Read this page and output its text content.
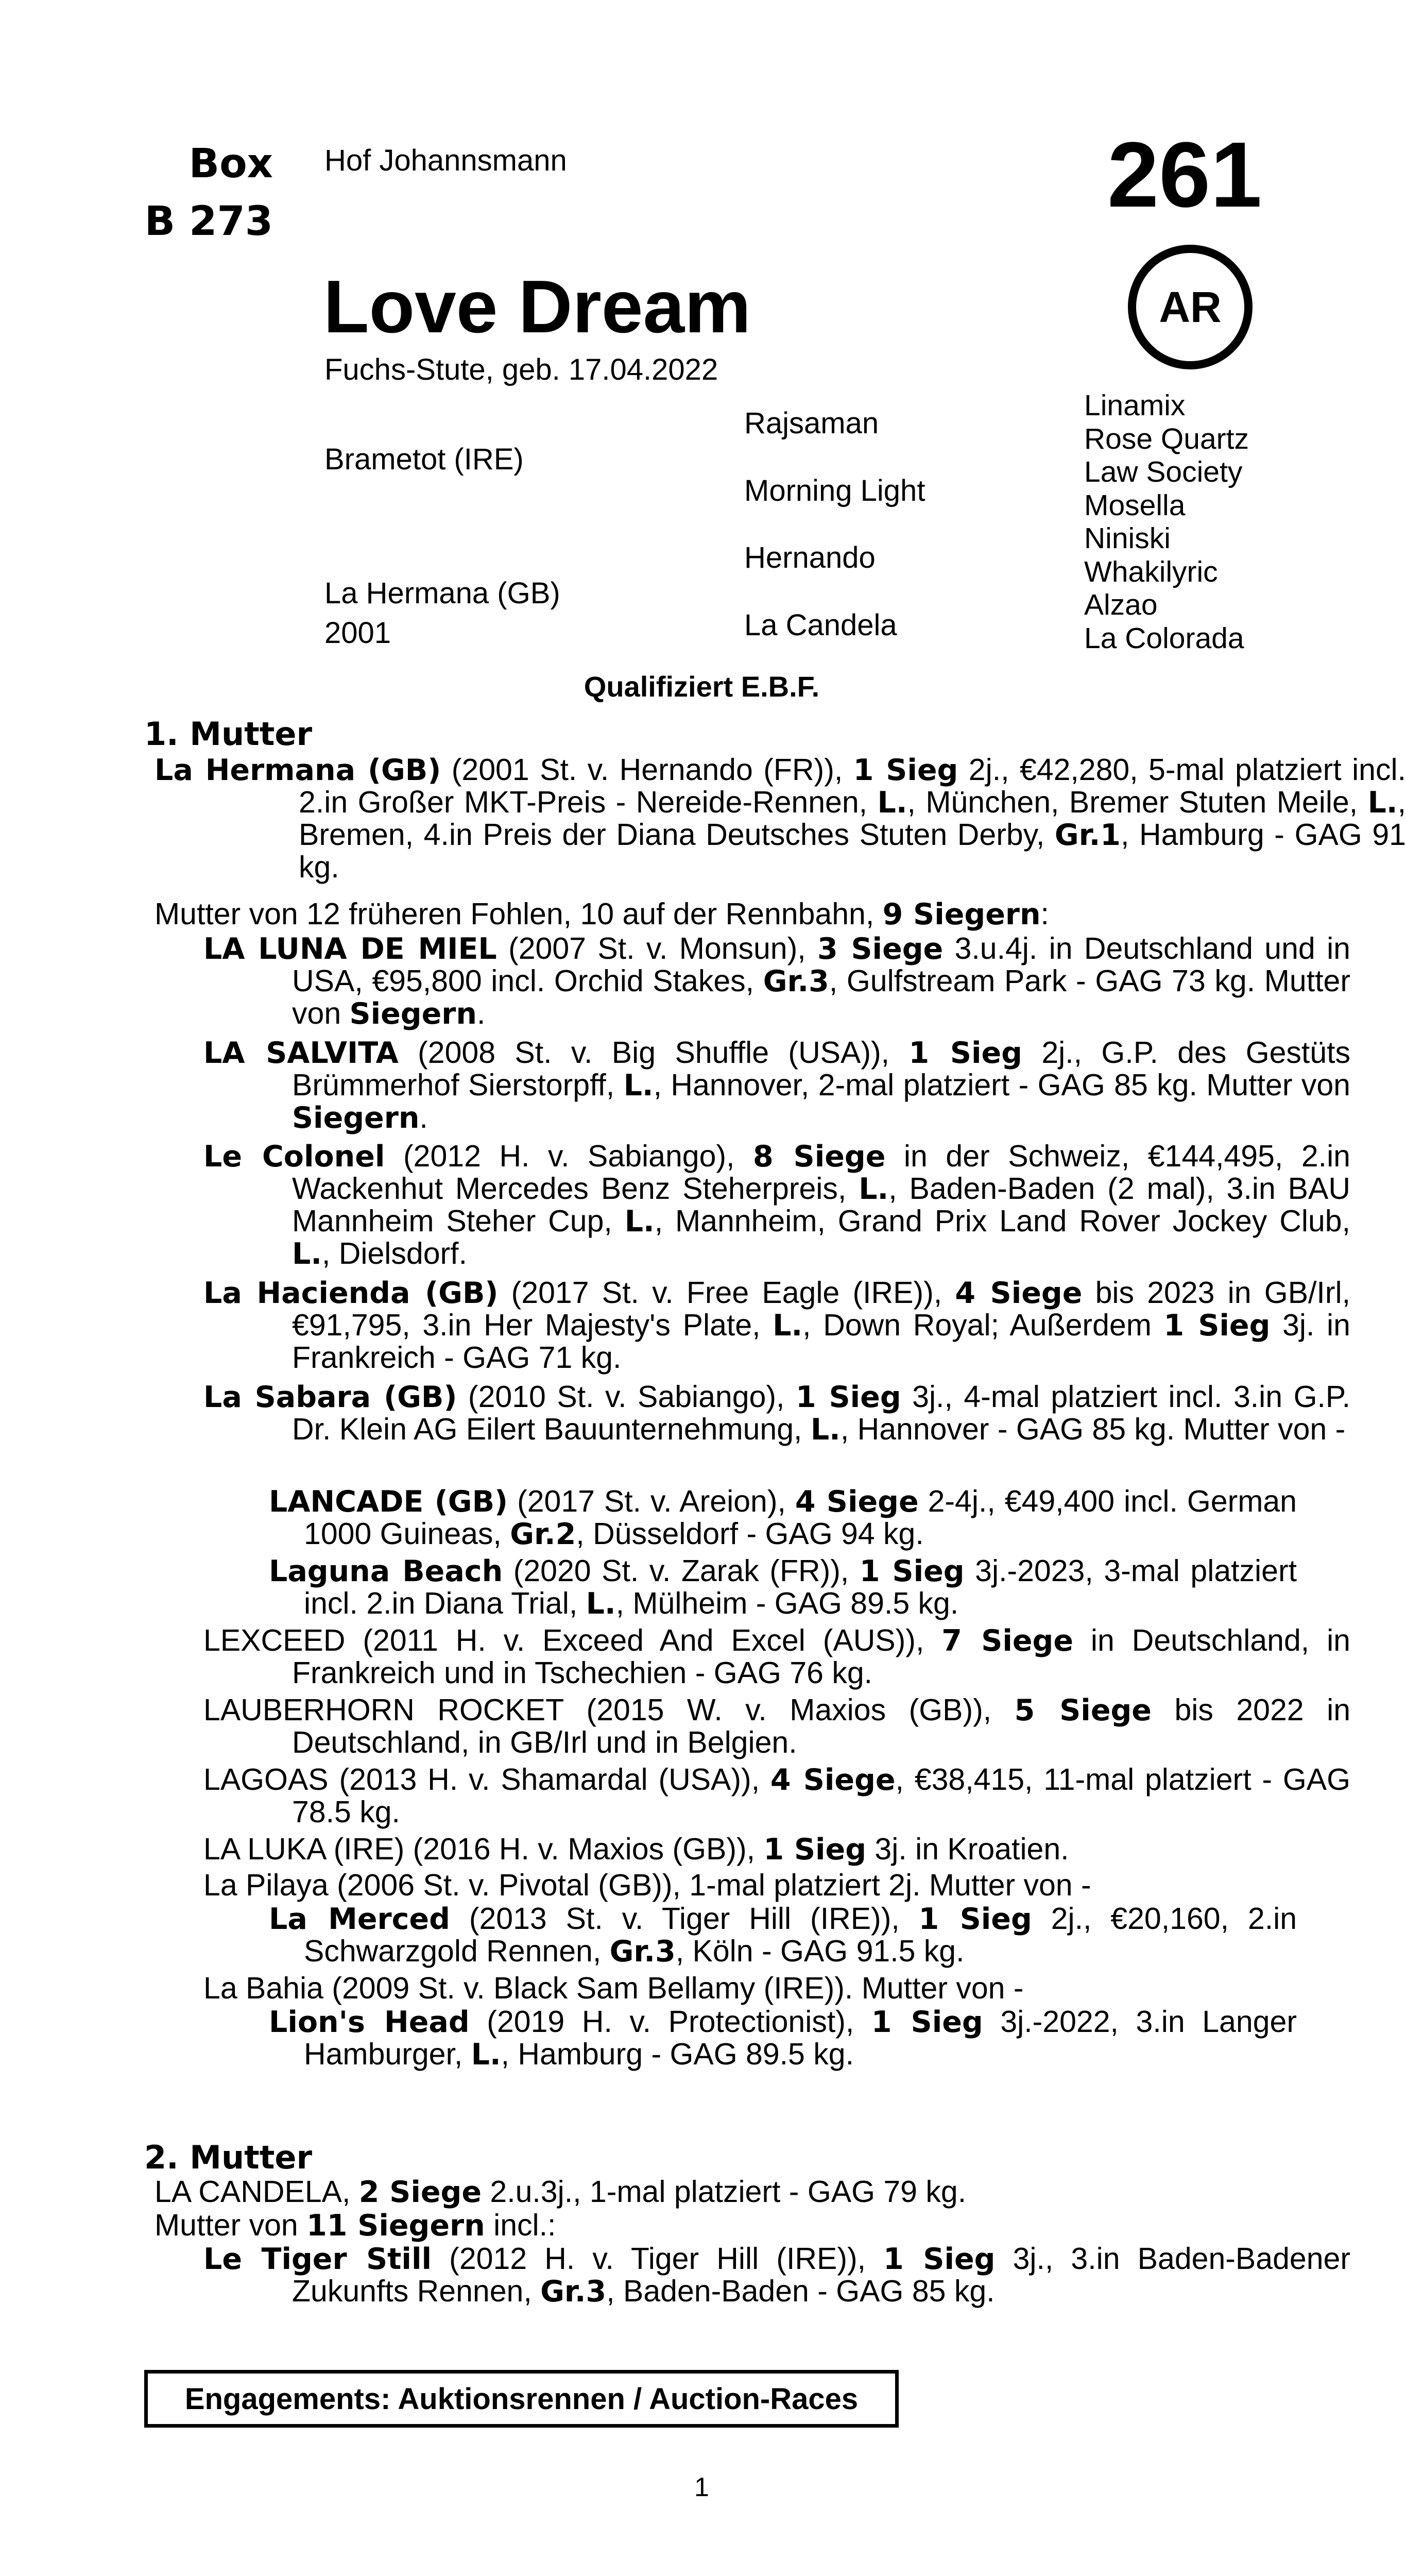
Box
B 273
Hof Johannsmann	261
AR
Love Dream
Fuchs-Stute, geb. 17.04.2022
Brametot (IRE)
La Hermana (GB)
2001
Rajsaman
Morning Light
Hernando
La Candela
Linamix
Rose Quartz
Law Society
Mosella
Niniski
Whakilyric
Alzao
La Colorada
Qualifiziert E.B.F.
1. Mutter
La Hermana (GB) (2001 St. v. Hernando (FR)), 1 Sieg 2j., €42,280, 5-mal platziert incl. 2.in Großer MKT-Preis - Nereide-Rennen, L., München, Bremer Stuten Meile, L., Bremen, 4.in Preis der Diana Deutsches Stuten Derby, Gr.1, Hamburg - GAG 91 kg.
Mutter von 12 früheren Fohlen, 10 auf der Rennbahn, 9 Siegern:
LA LUNA DE MIEL (2007 St. v. Monsun), 3 Siege 3.u.4j. in Deutschland und in USA, €95,800 incl. Orchid Stakes, Gr.3, Gulfstream Park - GAG 73 kg. Mutter von Siegern.
LA SALVITA (2008 St. v. Big Shuffle (USA)), 1 Sieg 2j., G.P. des Gestüts Brümmerhof Sierstorpff, L., Hannover, 2-mal platziert - GAG 85 kg. Mutter von Siegern.
Le Colonel (2012 H. v. Sabiango), 8 Siege in der Schweiz, €144,495, 2.in Wackenhut Mercedes Benz Steherpreis, L., Baden-Baden (2 mal), 3.in BAU Mannheim Steher Cup, L., Mannheim, Grand Prix Land Rover Jockey Club, L., Dielsdorf.
La Hacienda (GB) (2017 St. v. Free Eagle (IRE)), 4 Siege bis 2023 in GB/Irl, €91,795, 3.in Her Majesty's Plate, L., Down Royal; Außerdem 1 Sieg 3j. in Frankreich - GAG 71 kg.
La Sabara (GB) (2010 St. v. Sabiango), 1 Sieg 3j., 4-mal platziert incl. 3.in G.P. Dr. Klein AG Eilert Bauunternehmung, L., Hannover - GAG 85 kg. Mutter von -
LANCADE (GB) (2017 St. v. Areion), 4 Siege 2-4j., €49,400 incl. German 1000 Guineas, Gr.2, Düsseldorf - GAG 94 kg.
Laguna Beach (2020 St. v. Zarak (FR)), 1 Sieg 3j.-2023, 3-mal platziert incl. 2.in Diana Trial, L., Mülheim - GAG 89.5 kg.
LEXCEED (2011 H. v. Exceed And Excel (AUS)), 7 Siege in Deutschland, in Frankreich und in Tschechien - GAG 76 kg.
LAUBERHORN ROCKET (2015 W. v. Maxios (GB)), 5 Siege bis 2022 in Deutschland, in GB/Irl und in Belgien.
LAGOAS (2013 H. v. Shamardal (USA)), 4 Siege, €38,415, 11-mal platziert - GAG 78.5 kg.
LA LUKA (IRE) (2016 H. v. Maxios (GB)), 1 Sieg 3j. in Kroatien.
La Pilaya (2006 St. v. Pivotal (GB)), 1-mal platziert 2j. Mutter von -
La Merced (2013 St. v. Tiger Hill (IRE)), 1 Sieg 2j., €20,160, 2.in Schwarzgold Rennen, Gr.3, Köln - GAG 91.5 kg.
La Bahia (2009 St. v. Black Sam Bellamy (IRE)). Mutter von -
Lion's Head (2019 H. v. Protectionist), 1 Sieg 3j.-2022, 3.in Langer Hamburger, L., Hamburg - GAG 89.5 kg.
2. Mutter
LA CANDELA, 2 Siege 2.u.3j., 1-mal platziert - GAG 79 kg.
Mutter von 11 Siegern incl.:
Le Tiger Still (2012 H. v. Tiger Hill (IRE)), 1 Sieg 3j., 3.in Baden-Badener Zukunfts Rennen, Gr.3, Baden-Baden - GAG 85 kg.
Engagements: Auktionsrennen / Auction-Races
1
